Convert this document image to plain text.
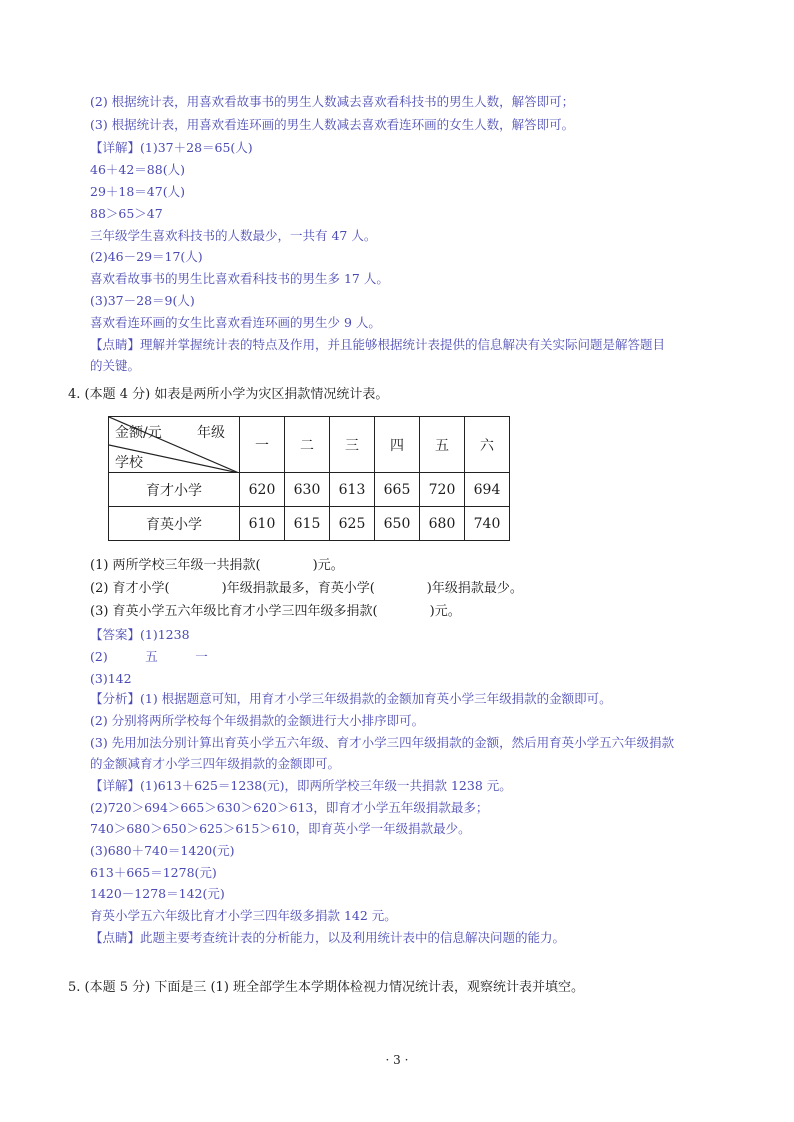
(2) 根据统计表，用喜欢看故事书的男生人数减去喜欢看科技书的男生人数，解答即可；
(3) 根据统计表，用喜欢看连环画的男生人数减去喜欢看连环画的女生人数，解答即可。
【详解】(1)37＋28＝65(人)
46＋42＝88(人)
29＋18＝47(人)
88＞65＞47
三年级学生喜欢科技书的人数最少，一共有 47 人。
(2)46－29＝17(人)
喜欢看故事书的男生比喜欢看科技书的男生多 17 人。
(3)37－28＝9(人)
喜欢看连环画的女生比喜欢看连环画的男生少 9 人。
【点睛】理解并掌握统计表的特点及作用，并且能够根据统计表提供的信息解决有关实际问题是解答题目
的关键。
4. (本题 4 分) 如表是两所小学为灾区捐款情况统计表。
金额/元 年级
学校	一	二	三	四	五	六
育才小学	620	630	613	665	720	694
育英小学	610	615	625	650	680	740
(1) 两所学校三年级一共捐款(　　　　)元。
(2) 育才小学(　　　　)年级捐款最多，育英小学(　　　　)年级捐款最少。
(3) 育英小学五六年级比育才小学三四年级多捐款(　　　　)元。
【答案】(1)1238
(2)　　　五　　　一
(3)142
【分析】(1) 根据题意可知，用育才小学三年级捐款的金额加育英小学三年级捐款的金额即可。
(2) 分别将两所学校每个年级捐款的金额进行大小排序即可。
(3) 先用加法分别计算出育英小学五六年级、育才小学三四年级捐款的金额，然后用育英小学五六年级捐款
的金额减育才小学三四年级捐款的金额即可。
【详解】(1)613＋625＝1238(元)，即两所学校三年级一共捐款 1238 元。
(2)720＞694＞665＞630＞620＞613，即育才小学五年级捐款最多；
740＞680＞650＞625＞615＞610，即育英小学一年级捐款最少。
(3)680＋740＝1420(元)
613＋665＝1278(元)
1420－1278＝142(元)
育英小学五六年级比育才小学三四年级多捐款 142 元。
【点睛】此题主要考查统计表的分析能力，以及利用统计表中的信息解决问题的能力。
5. (本题 5 分) 下面是三 (1) 班全部学生本学期体检视力情况统计表，观察统计表并填空。
· 3 ·
